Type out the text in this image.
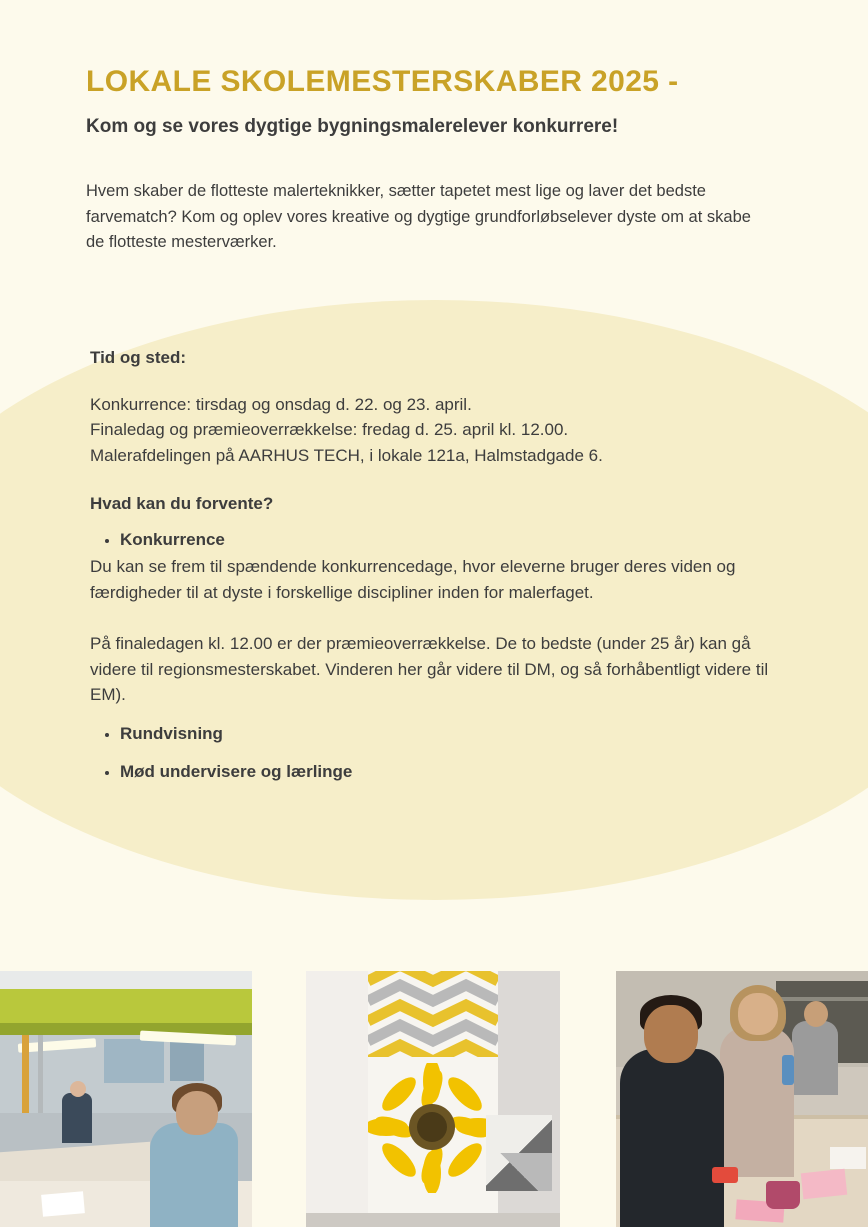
LOKALE SKOLEMESTERSKABER 2025 -

Kom og se vores dygtige bygningsmalerelever konkurrere!

Hvem skaber de flotteste malerteknikker, sætter tapetet mest lige og laver det bedste farvematch? Kom og oplev vores kreative og dygtige grundforløbselever dyste om at skabe de flotteste mesterværker.

Tid og sted:

Konkurrence: tirsdag og onsdag d. 22. og 23. april.
Finaledag og præmieoverrækkelse: fredag d. 25. april kl. 12.00.
Malerafdelingen på AARHUS TECH, i lokale 121a, Halmstadgade 6.

Hvad kan du forvente?
• Konkurrence

Du kan se frem til spændende konkurrencedage, hvor eleverne bruger deres viden og færdigheder til at dyste i forskellige discipliner inden for malerfaget.

På finaledagen kl. 12.00 er der præmieoverrækkelse. De to bedste (under 25 år) kan gå videre til regionsmesterskabet. Vinderen her går videre til DM, og så forhåbentligt videre til EM).

• Rundvisning
• Mød undervisere og lærlinge
